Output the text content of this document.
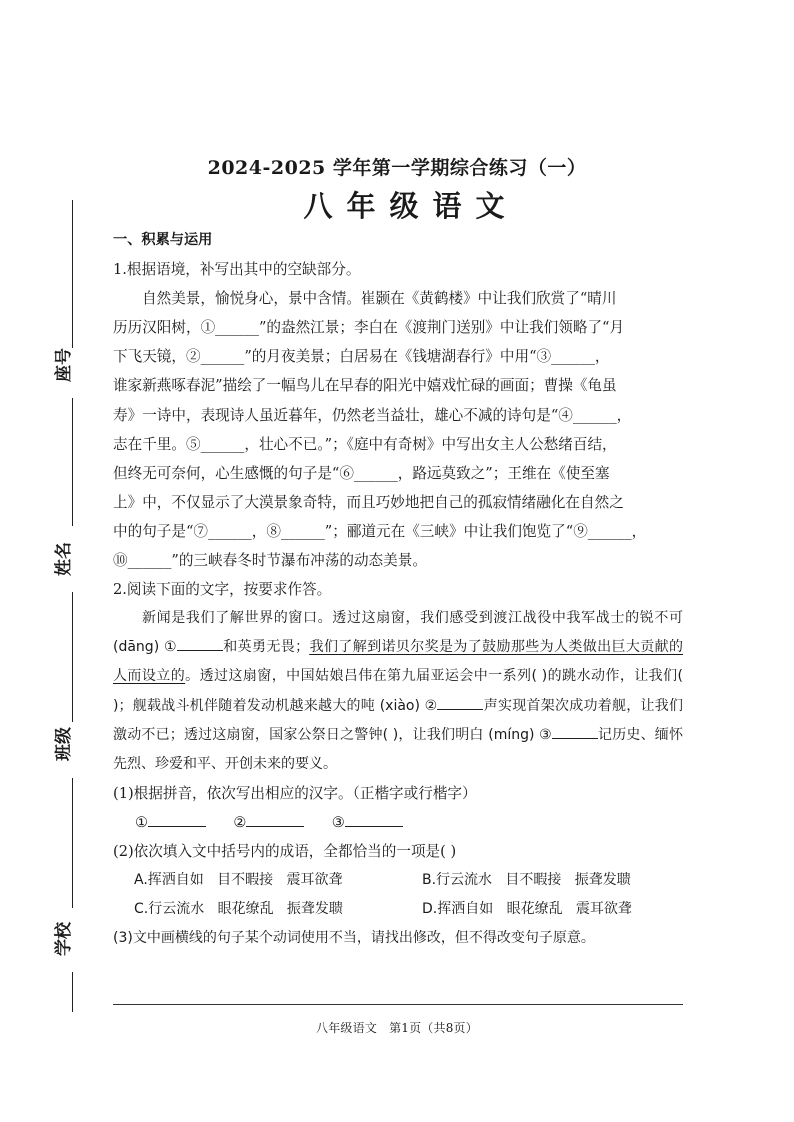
座号
姓名
班级
学校
2024-2025 学年第一学期综合练习（一）
八年级语文

一、积累与运用

1.根据语境，补写出其中的空缺部分。

自然美景，愉悦身心，景中含情。崔颢在《黄鹤楼》中让我们欣赏了“晴川

历历汉阳树，①______”的盎然江景；李白在《渡荆门送别》中让我们领略了“月

下飞天镜，②______”的月夜美景；白居易在《钱塘湖春行》中用“③______，

谁家新燕啄春泥”描绘了一幅鸟儿在早春的阳光中嬉戏忙碌的画面；曹操《龟虽

寿》一诗中，表现诗人虽近暮年，仍然老当益壮，雄心不减的诗句是“④______，

志在千里。⑤______，壮心不已。”；《庭中有奇树》中写出女主人公愁绪百结，

但终无可奈何，心生感慨的句子是“⑥______，路远莫致之”；王维在《使至塞

上》中，不仅显示了大漠景象奇特，而且巧妙地把自己的孤寂情绪融化在自然之

中的句子是“⑦______，⑧______”；郦道元在《三峡》中让我们饱览了“⑨______，

⑩______”的三峡春冬时节瀑布冲荡的动态美景。

2.阅读下面的文字，按要求作答。

新闻是我们了解世界的窗口。透过这扇窗，我们感受到渡江战役中我军战士的锐不可 (dāng) ①	和英勇无畏；我们了解到诺贝尔奖是为了鼓励那些为人类做出巨大贡献的人而设立的。透过这扇窗，中国姑娘吕伟在第九届亚运会中一系列( )的跳水动作，让我们( )；舰载战斗机伴随着发动机越来越大的吨 (xiào) ②	声实现首架次成功着舰，让我们激动不已；透过这扇窗，国家公祭日之警钟( )，让我们明白 (míng) ③	记历史、缅怀先烈、珍爱和平、开创未来的要义。

(1)根据拼音，依次写出相应的汉字。（正楷字或行楷字）

①	②	③

(2)依次填入文中括号内的成语，全都恰当的一项是( )

A.挥洒自如   目不暇接   震耳欲聋	B.行云流水   目不暇接   振聋发聩
C.行云流水   眼花缭乱   振聋发聩	D.挥洒自如   眼花缭乱   震耳欲聋

(3)文中画横线的句子某个动词使用不当，请找出修改，但不得改变句子原意。

八年级语文   第1页（共8页）
